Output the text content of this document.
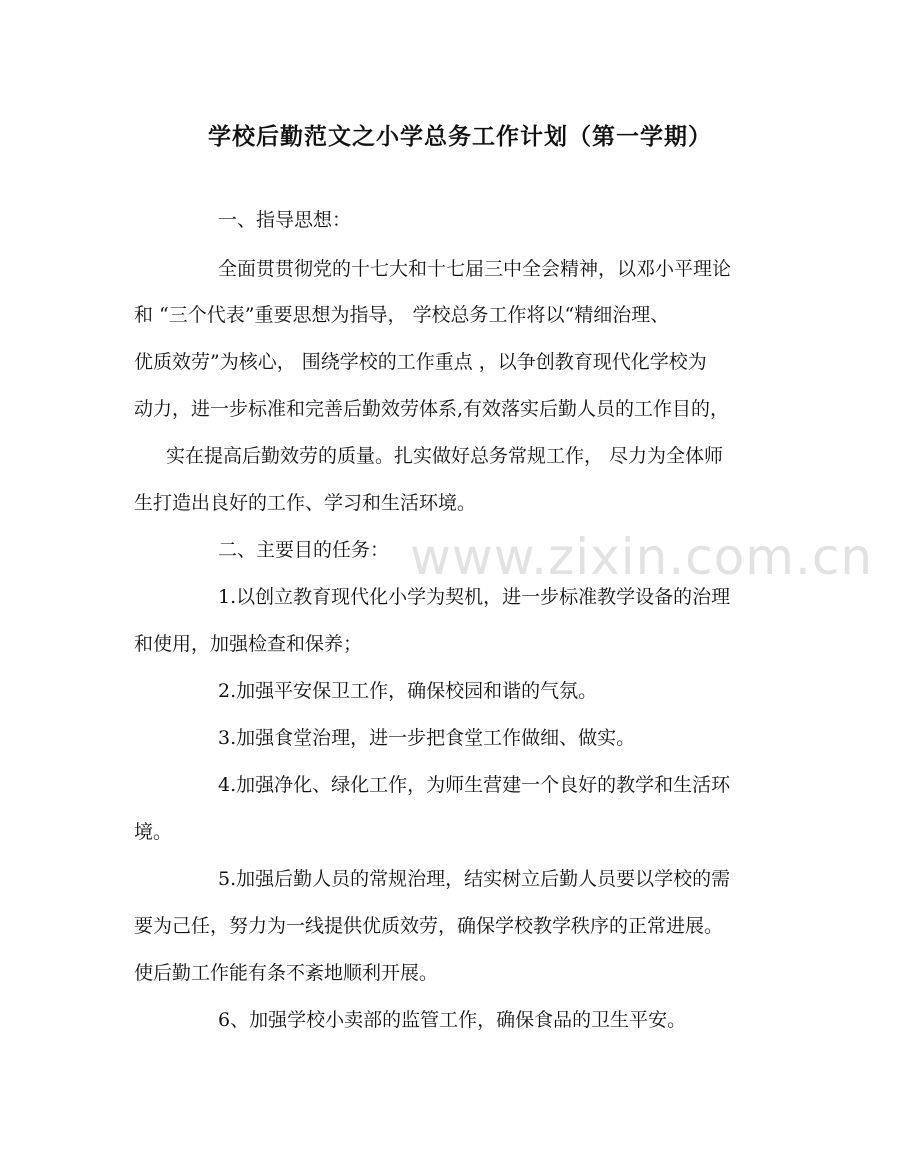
学校后勤范文之小学总务工作计划（第一学期）

一、指导思想：

全面贯贯彻党的十七大和十七届三中全会精神，以邓小平理论

和 “三个代表”重要思想为指导， 学校总务工作将以“精细治理、

优质效劳”为核心， 围绕学校的工作重点 ，以争创教育现代化学校为

动力，进一步标准和完善后勤效劳体系,有效落实后勤人员的工作目的，

实在提高后勤效劳的质量。扎实做好总务常规工作， 尽力为全体师

生打造出良好的工作、学习和生活环境。

二、主要目的任务：

1.以创立教育现代化小学为契机，进一步标准教学设备的治理

和使用，加强检查和保养；

2.加强平安保卫工作，确保校园和谐的气氛。

3.加强食堂治理，进一步把食堂工作做细、做实。

4.加强净化、绿化工作，为师生营建一个良好的教学和生活环

境。

5.加强后勤人员的常规治理，结实树立后勤人员要以学校的需

要为己任，努力为一线提供优质效劳，确保学校教学秩序的正常进展。

使后勤工作能有条不紊地顺利开展。

6、加强学校小卖部的监管工作，确保食品的卫生平安。

www.zixin.com.cn
